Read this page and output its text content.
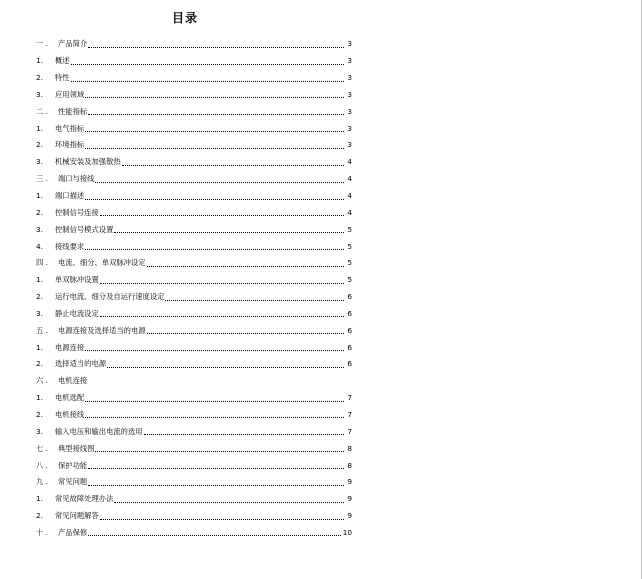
目录
一 .	产品简介	3
1.	概述	3
2.	特性	3
3.	应用领域	3
二 .	性能指标	3
1.	电气指标	3
2.	环境指标	3
3.	机械安装及加强散热	4
三 .	端口与接线	4
1.	端口描述	4
2.	控制信号连接	4
3.	控制信号模式设置	5
4.	接线要求	5
四 .	电流、细分、单双脉冲设定	5
1.	单双脉冲设置	5
2.	运行电流、细分及自运行速度设定	6
3.	静止电流设定	6
五 .	电源连接及选择适当的电源	6
1.	电源连接	6
2.	选择适当的电源	6
六 .	电机连接
1.	电机选配	7
2.	电机接线	7
3.	输入电压和输出电流的选用	7
七 .	典型接线图	8
八 .	保护功能	8
九 .	常见问题	9
1.	常见故障处理办法	9
2.	常见问题解答	9
十 .	产品保修	10
